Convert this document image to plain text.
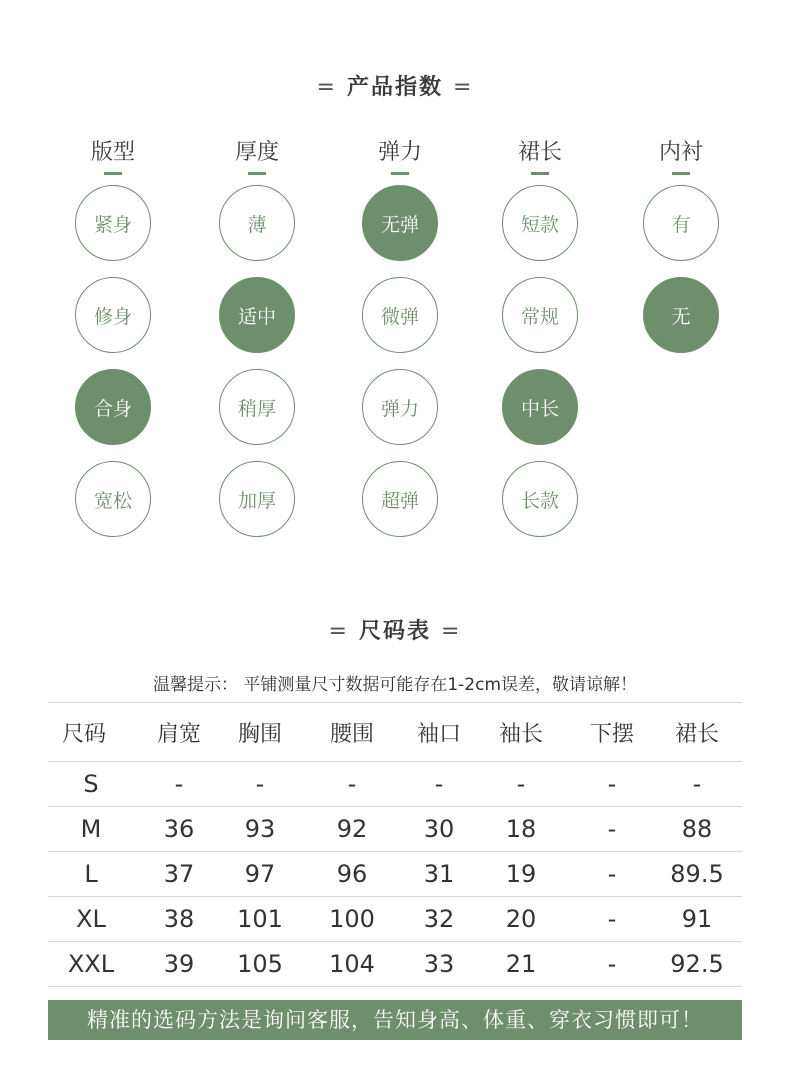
= 产品指数 =
版型
紧身
修身
合身
宽松
厚度
薄
适中
稍厚
加厚
弹力
无弹
微弹
弹力
超弹
裙长
短款
常规
中长
长款
内衬
有
无
= 尺码表 =
温馨提示： 平铺测量尺寸数据可能存在1-2cm误差，敬请谅解！
尺码	肩宽	胸围	腰围	袖口	袖长	下摆	裙长
S	-	-	-	-	-	-	-
M	36	93	92	30	18	-	88
L	37	97	96	31	19	-	89.5
XL	38	101	100	32	20	-	91
XXL	39	105	104	33	21	-	92.5
精准的选码方法是询问客服，告知身高、体重、穿衣习惯即可！
